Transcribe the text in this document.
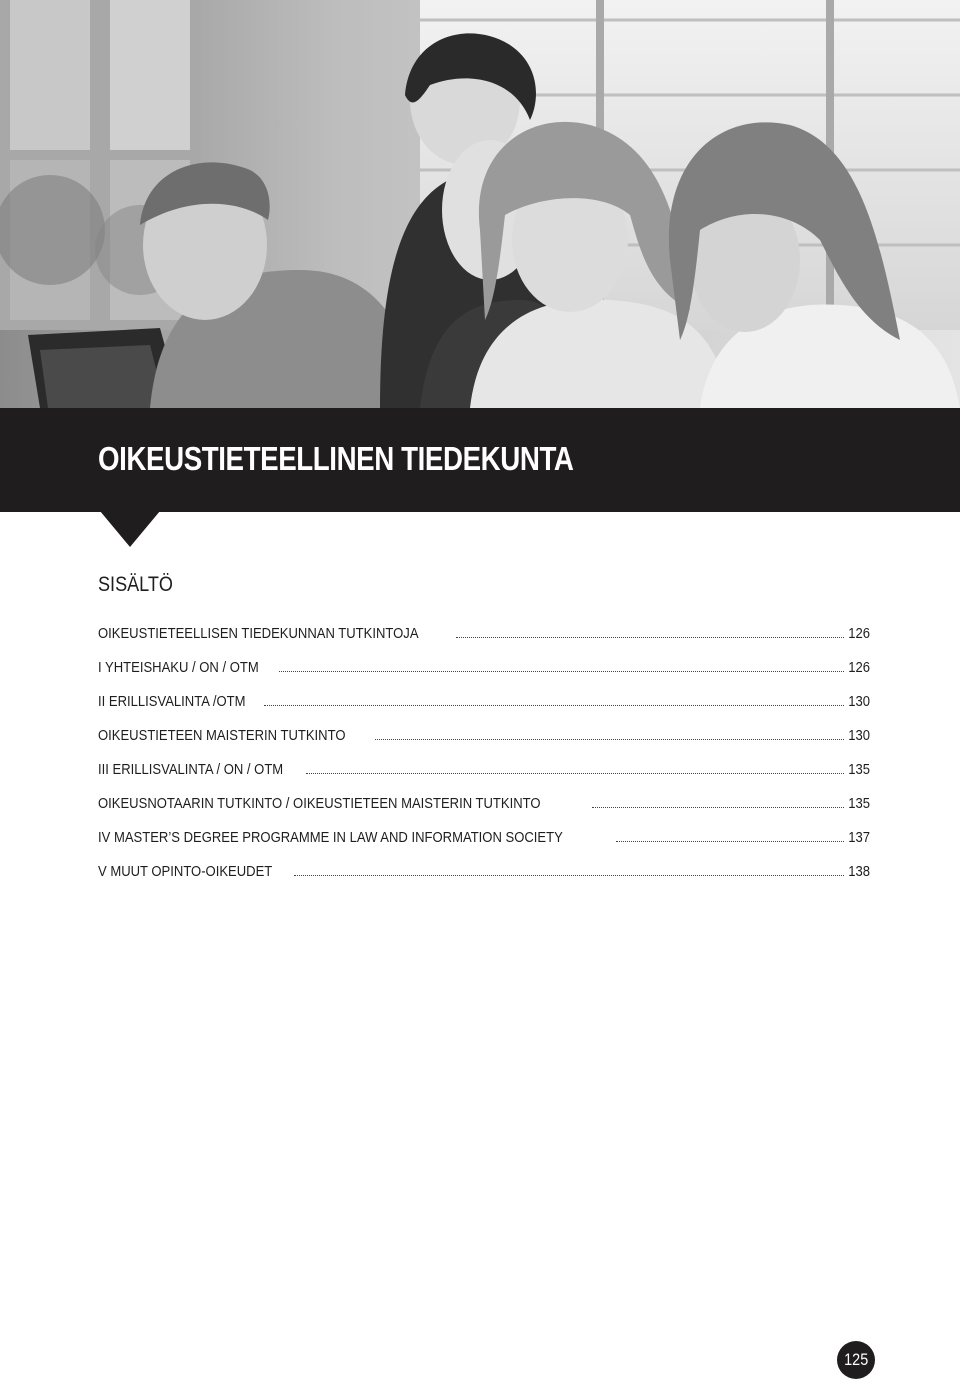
OIKEUSTIETEELLINEN TIEDEKUNTA
SISÄLTÖ
OIKEUSTIETEELLISEN TIEDEKUNNAN TUTKINTOJA	126
I YHTEISHAKU / ON / OTM	126
II ERILLISVALINTA /OTM	130
OIKEUSTIETEEN MAISTERIN TUTKINTO	130
III ERILLISVALINTA / ON / OTM	135
OIKEUSNOTAARIN TUTKINTO / OIKEUSTIETEEN MAISTERIN TUTKINTO	135
IV MASTER’S DEGREE PROGRAMME IN LAW AND INFORMATION SOCIETY	137
V MUUT OPINTO-OIKEUDET	138
125
